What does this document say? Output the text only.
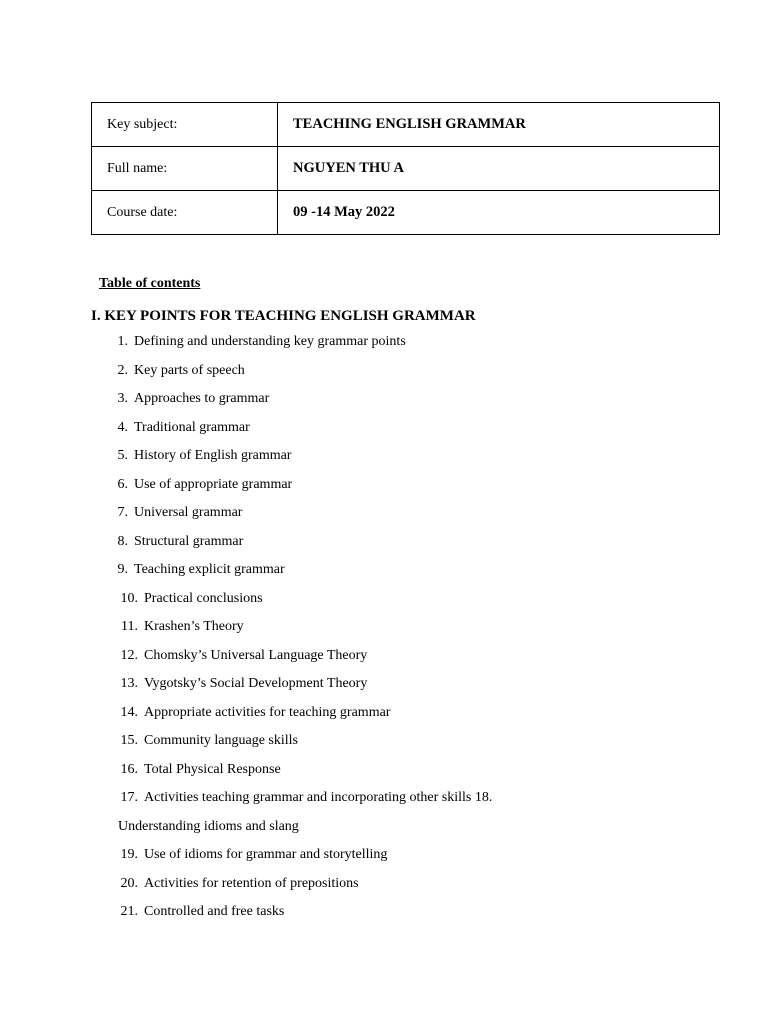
Key subject:	TEACHING ENGLISH GRAMMAR
Full name:	NGUYEN THU A
Course date:	09 -14 May 2022

Table of contents

I. KEY POINTS FOR TEACHING ENGLISH GRAMMAR

1. Defining and understanding key grammar points
2. Key parts of speech
3. Approaches to grammar
4. Traditional grammar
5. History of English grammar
6. Use of appropriate grammar
7. Universal grammar
8. Structural grammar
9. Teaching explicit grammar
10. Practical conclusions
11. Krashen’s Theory
12. Chomsky’s Universal Language Theory
13. Vygotsky’s Social Development Theory
14. Appropriate activities for teaching grammar
15. Community language skills
16. Total Physical Response
17. Activities teaching grammar and incorporating other skills 18.
Understanding idioms and slang
19. Use of idioms for grammar and storytelling
20. Activities for retention of prepositions
21. Controlled and free tasks
